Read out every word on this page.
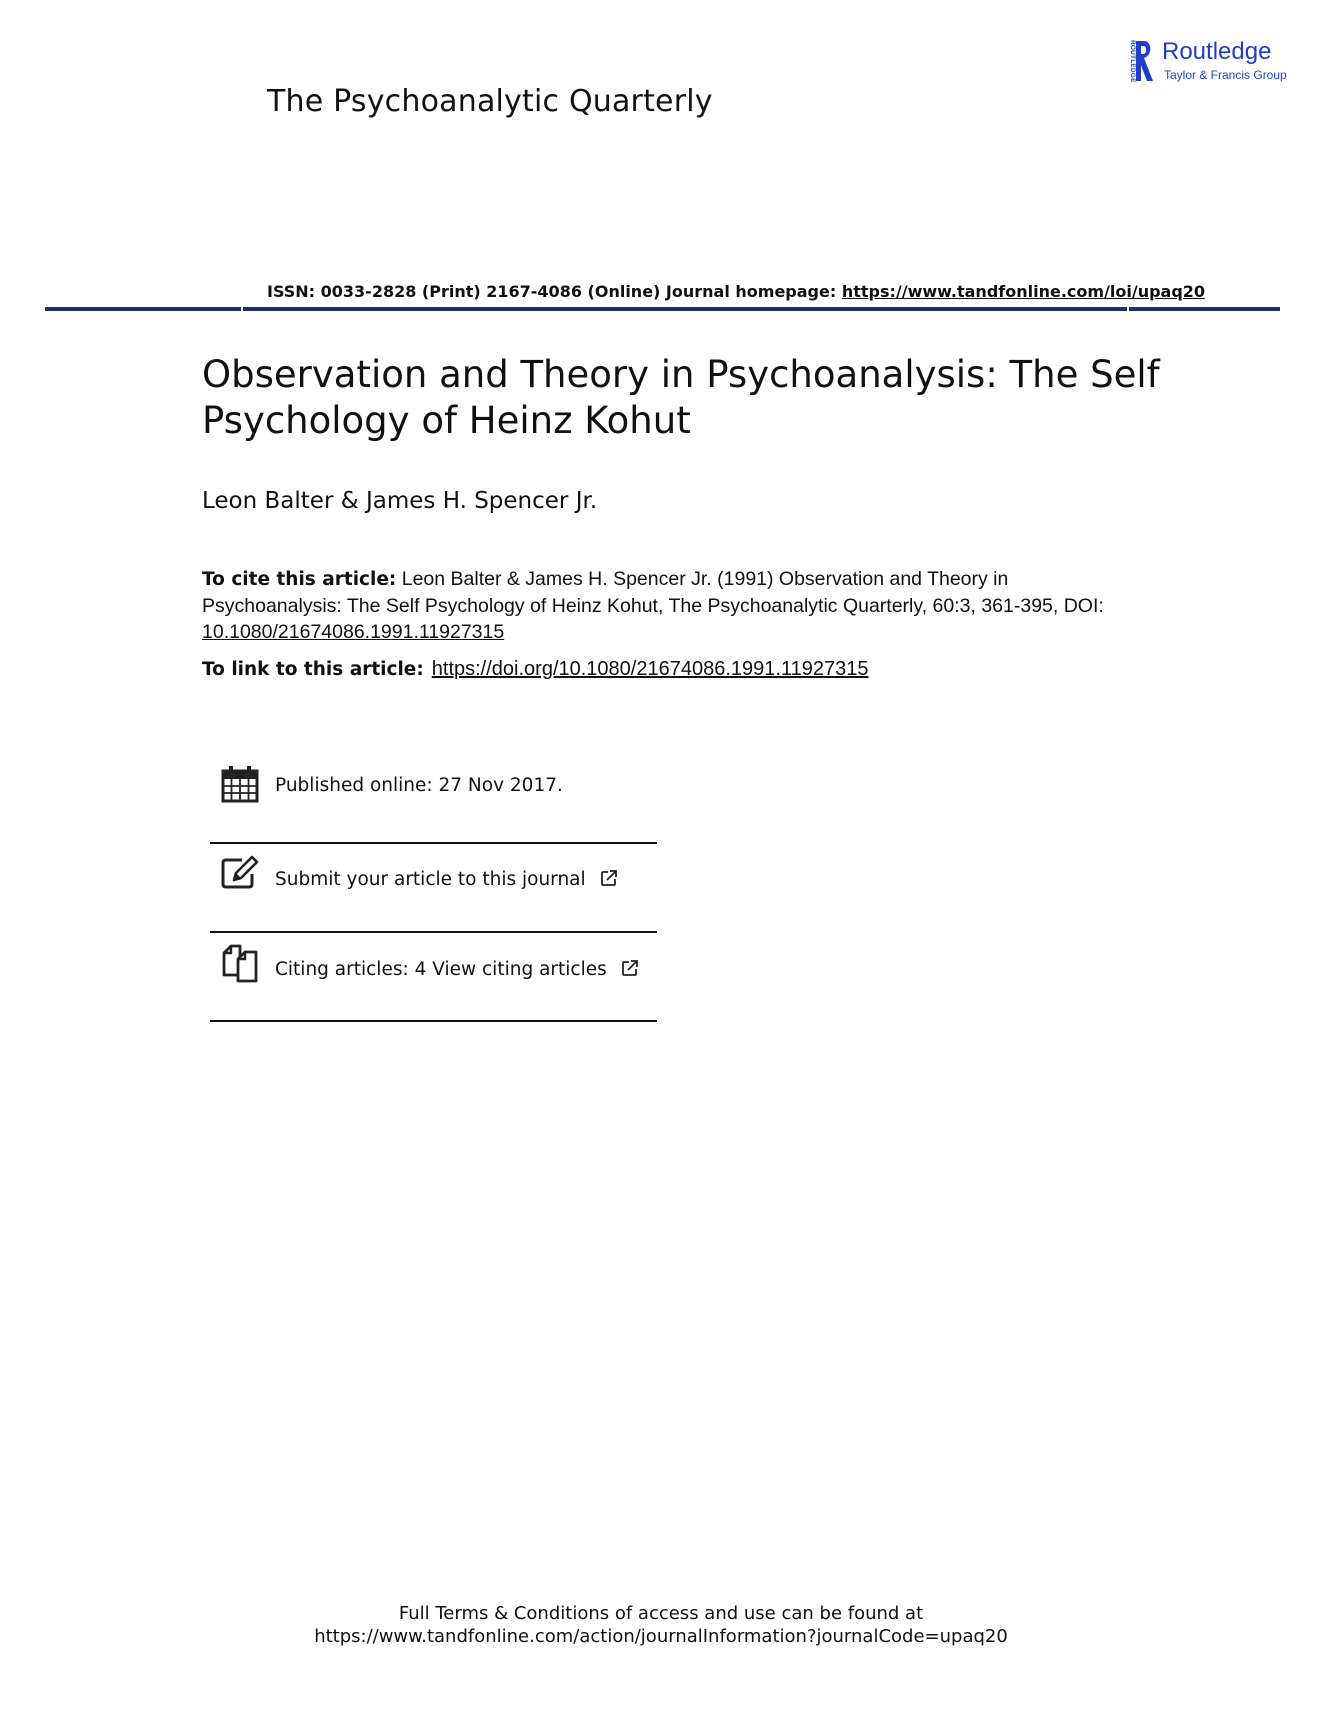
The Psychoanalytic Quarterly
ROUTLEDGE Routledge
Taylor & Francis Group
ISSN: 0033-2828 (Print) 2167-4086 (Online) Journal homepage: https://www.tandfonline.com/loi/upaq20
Observation and Theory in Psychoanalysis: The Self Psychology of Heinz Kohut
Leon Balter & James H. Spencer Jr.
To cite this article: Leon Balter & James H. Spencer Jr. (1991) Observation and Theory in Psychoanalysis: The Self Psychology of Heinz Kohut, The Psychoanalytic Quarterly, 60:3, 361-395, DOI: 10.1080/21674086.1991.11927315
To link to this article: https://doi.org/10.1080/21674086.1991.11927315
Published online: 27 Nov 2017.
Submit your article to this journal
Citing articles: 4 View citing articles
Full Terms & Conditions of access and use can be found at
https://www.tandfonline.com/action/journalInformation?journalCode=upaq20
